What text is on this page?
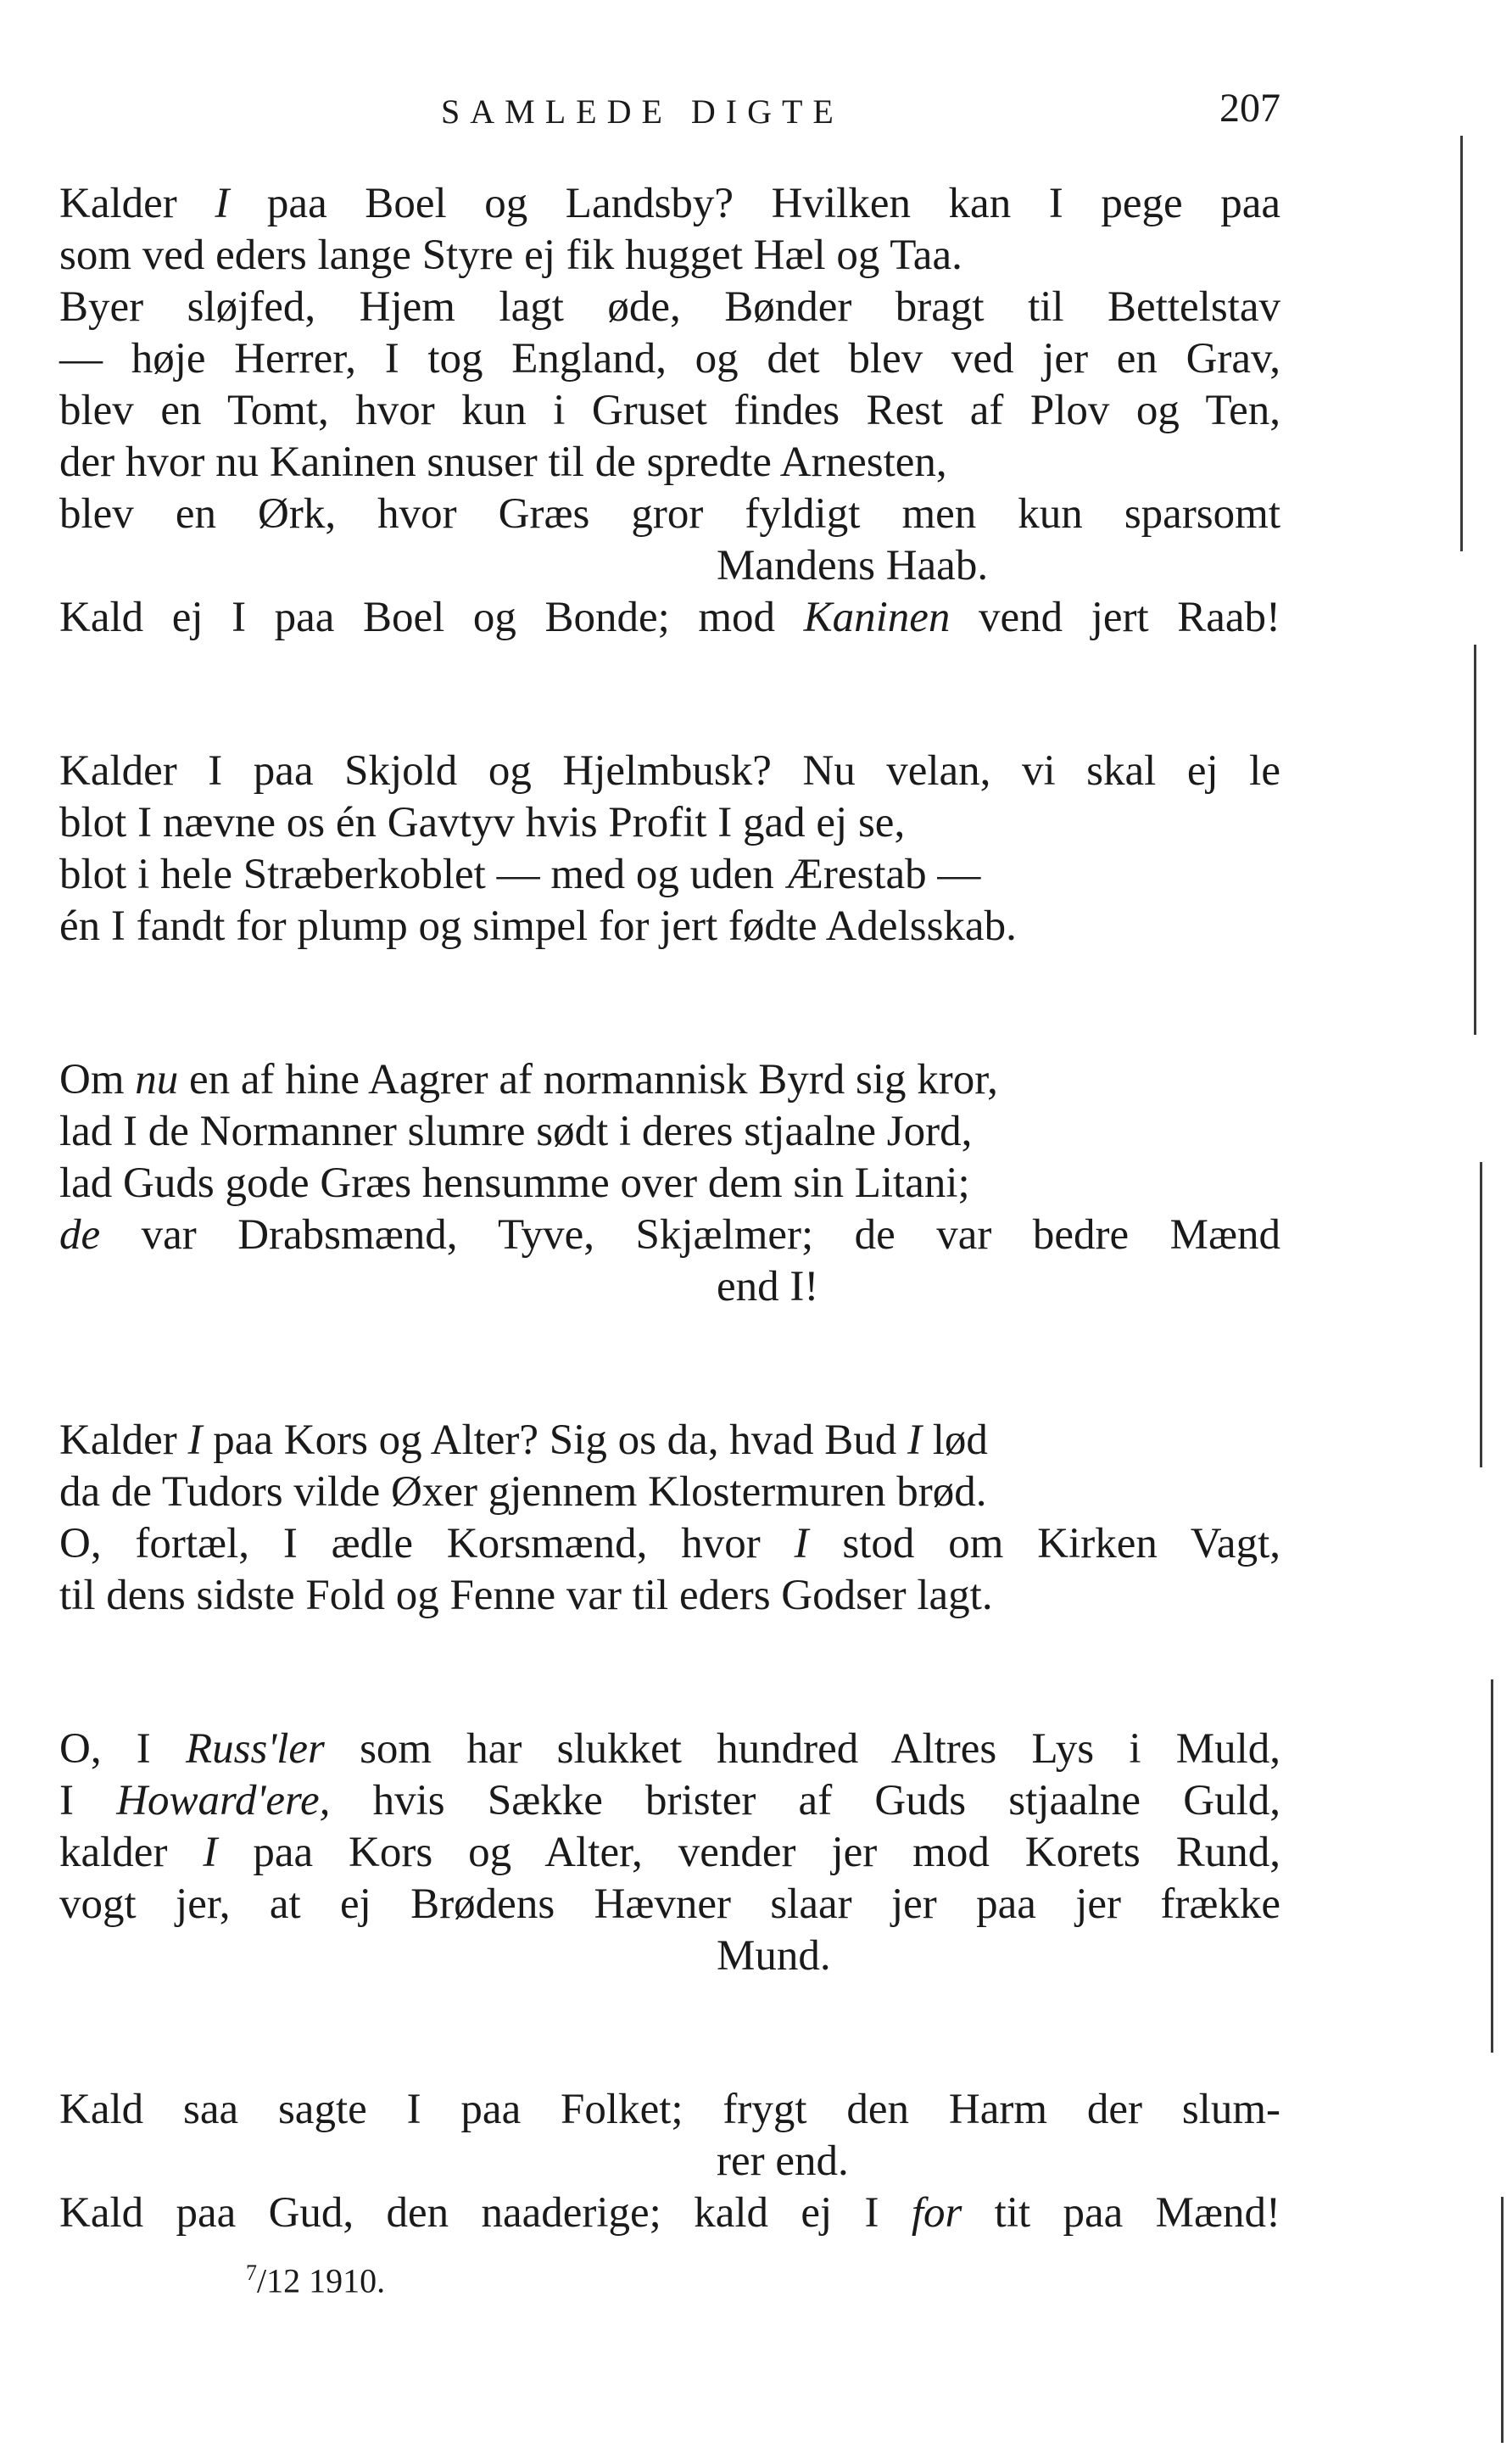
SAMLEDE DIGTE	207
Kalder I paa Boel og Landsby? Hvilken kan I pege paa
som ved eders lange Styre ej fik hugget Hæl og Taa.
Byer sløjfed, Hjem lagt øde, Bønder bragt til Bettelstav
— høje Herrer, I tog England, og det blev ved jer en Grav,
blev en Tomt, hvor kun i Gruset findes Rest af Plov og Ten,
der hvor nu Kaninen snuser til de spredte Arnesten,
blev en Ørk, hvor Græs gror fyldigt men kun sparsomt
Mandens Haab.
Kald ej I paa Boel og Bonde; mod Kaninen vend jert Raab!
Kalder I paa Skjold og Hjelmbusk? Nu velan, vi skal ej le
blot I nævne os én Gavtyv hvis Profit I gad ej se,
blot i hele Stræberkoblet — med og uden Ærestab —
én I fandt for plump og simpel for jert fødte Adelsskab.
Om nu en af hine Aagrer af normannisk Byrd sig kror,
lad I de Normanner slumre sødt i deres stjaalne Jord,
lad Guds gode Græs hensumme over dem sin Litani;
de var Drabsmænd, Tyve, Skjælmer; de var bedre Mænd
end I!
Kalder I paa Kors og Alter? Sig os da, hvad Bud I lød
da de Tudors vilde Øxer gjennem Klostermuren brød.
O, fortæl, I ædle Korsmænd, hvor I stod om Kirken Vagt,
til dens sidste Fold og Fenne var til eders Godser lagt.
O, I Russ'ler som har slukket hundred Altres Lys i Muld,
I Howard'ere, hvis Sække brister af Guds stjaalne Guld,
kalder I paa Kors og Alter, vender jer mod Korets Rund,
vogt jer, at ej Brødens Hævner slaar jer paa jer frække
Mund.
Kald saa sagte I paa Folket; frygt den Harm der slum-
rer end.
Kald paa Gud, den naaderige; kald ej I for tit paa Mænd!
$^7$/12 1910.
